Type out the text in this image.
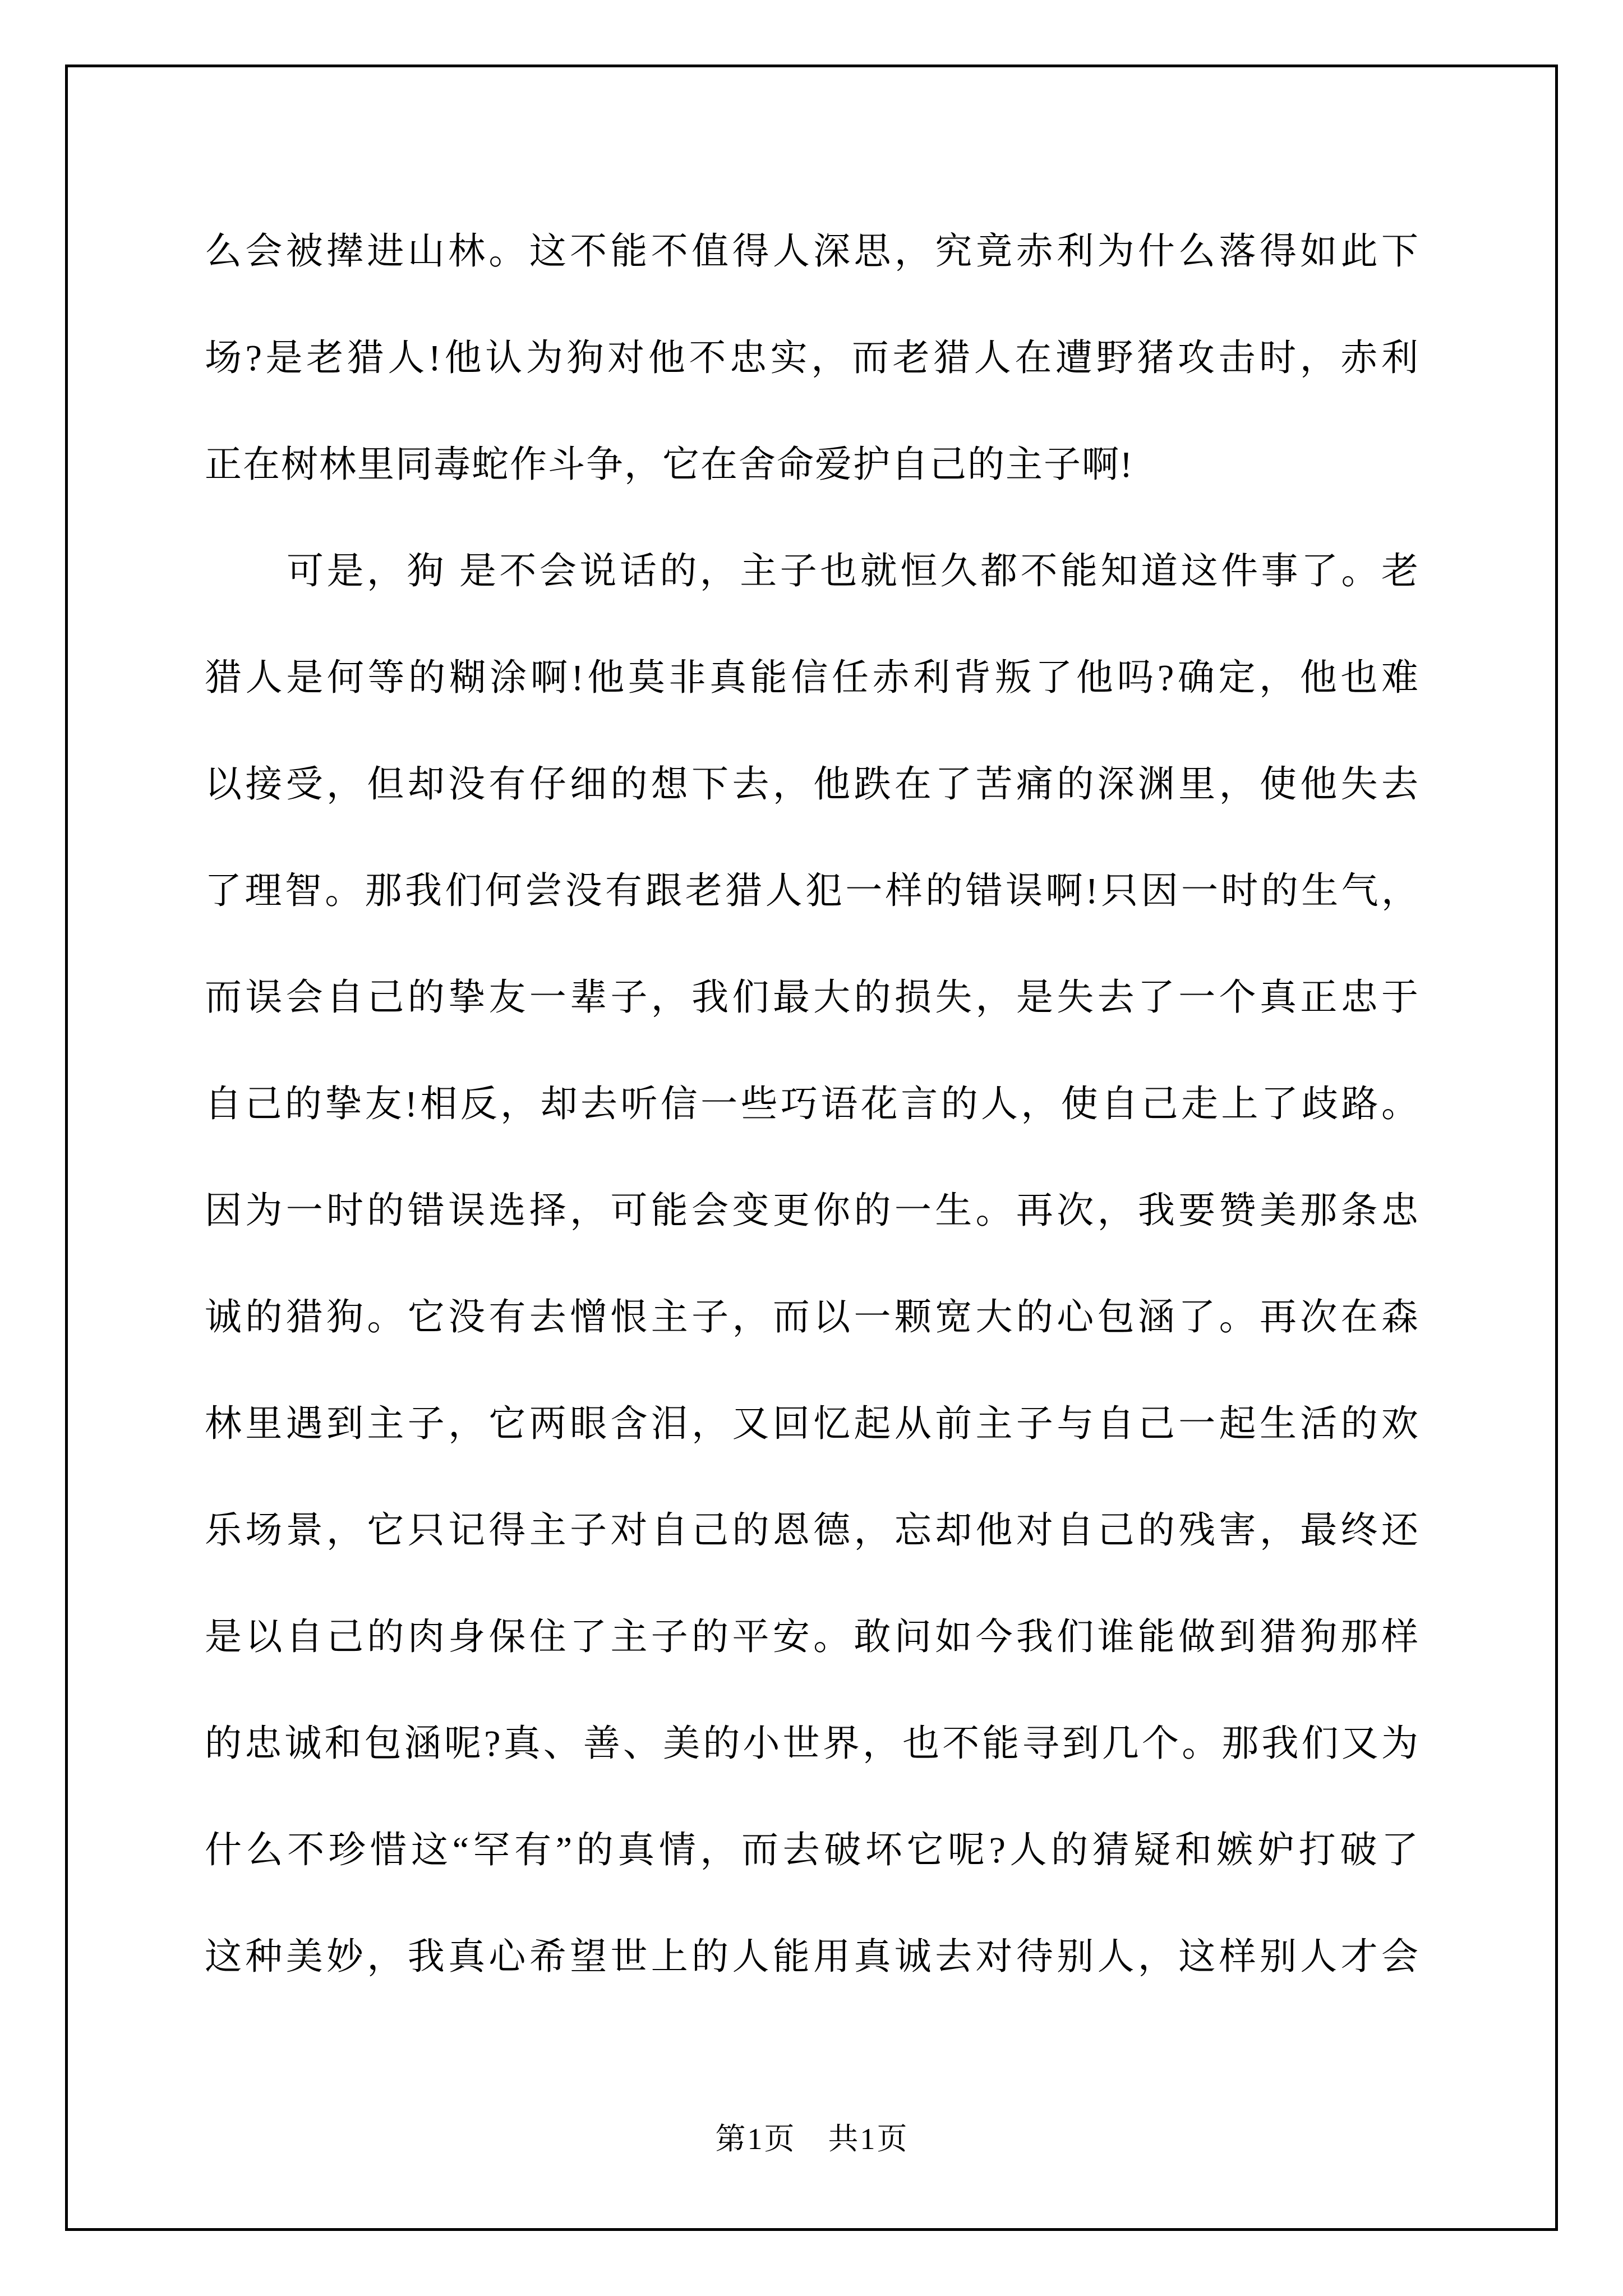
么会被撵进山林。这不能不值得人深思，究竟赤利为什么落得如此下
场?是老猎人!他认为狗对他不忠实，而老猎人在遭野猪攻击时，赤利
正在树林里同毒蛇作斗争，它在舍命爱护自己的主子啊!
可是，狗 是不会说话的，主子也就恒久都不能知道这件事了。老
猎人是何等的糊涂啊!他莫非真能信任赤利背叛了他吗?确定，他也难
以接受，但却没有仔细的想下去，他跌在了苦痛的深渊里，使他失去
了理智。那我们何尝没有跟老猎人犯一样的错误啊!只因一时的生气，
而误会自己的挚友一辈子，我们最大的损失，是失去了一个真正忠于
自己的挚友!相反，却去听信一些巧语花言的人，使自己走上了歧路。
因为一时的错误选择，可能会变更你的一生。再次，我要赞美那条忠
诚的猎狗。它没有去憎恨主子，而以一颗宽大的心包涵了。再次在森
林里遇到主子，它两眼含泪，又回忆起从前主子与自己一起生活的欢
乐场景，它只记得主子对自己的恩德，忘却他对自己的残害，最终还
是以自己的肉身保住了主子的平安。敢问如今我们谁能做到猎狗那样
的忠诚和包涵呢?真、善、美的小世界，也不能寻到几个。那我们又为
什么不珍惜这“罕有”的真情，而去破坏它呢?人的猜疑和嫉妒打破了
这种美妙，我真心希望世上的人能用真诚去对待别人，这样别人才会
第1页　共1页
